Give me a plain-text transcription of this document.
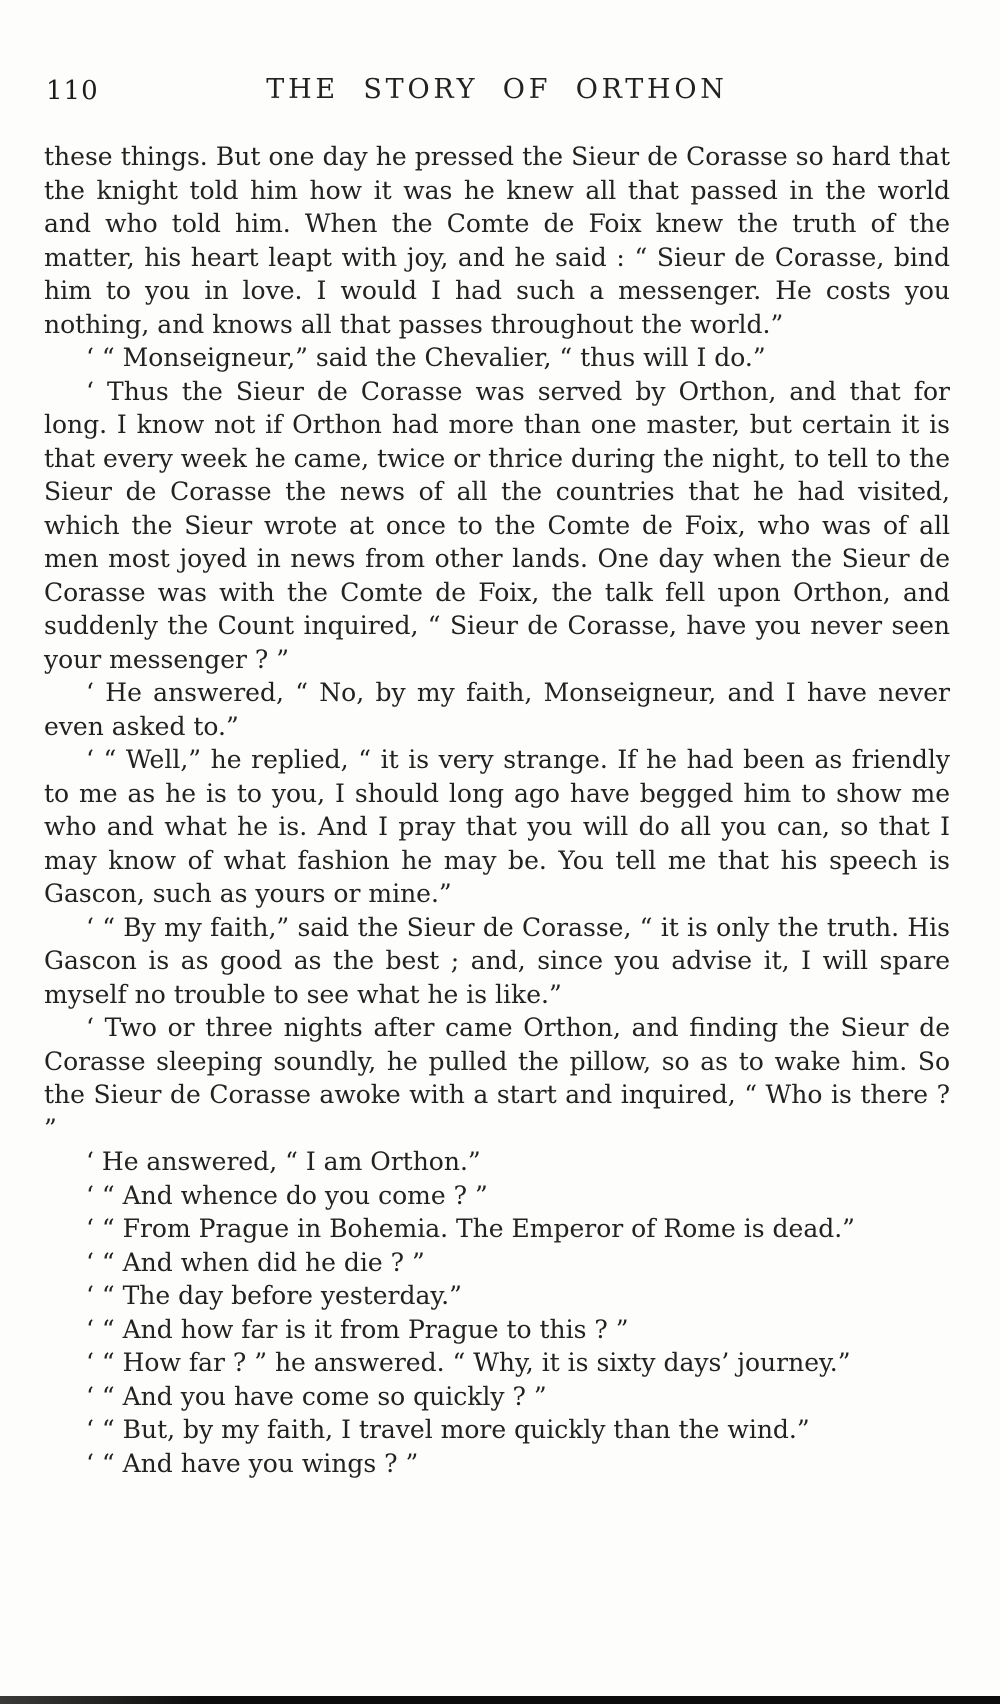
110	THE STORY OF ORTHON

these things. But one day he pressed the Sieur de Corasse so hard that the knight told him how it was he knew all that passed in the world and who told him. When the Comte de Foix knew the truth of the matter, his heart leapt with joy, and he said : “ Sieur de Corasse, bind him to you in love. I would I had such a messenger. He costs you nothing, and knows all that passes throughout the world.”

‘ “ Monseigneur,” said the Chevalier, “ thus will I do.”

‘ Thus the Sieur de Corasse was served by Orthon, and that for long. I know not if Orthon had more than one master, but certain it is that every week he came, twice or thrice during the night, to tell to the Sieur de Corasse the news of all the countries that he had visited, which the Sieur wrote at once to the Comte de Foix, who was of all men most joyed in news from other lands. One day when the Sieur de Corasse was with the Comte de Foix, the talk fell upon Orthon, and suddenly the Count inquired, “ Sieur de Corasse, have you never seen your messenger ? ”

‘ He answered, “ No, by my faith, Monseigneur, and I have never even asked to.”

‘ “ Well,” he replied, “ it is very strange. If he had been as friendly to me as he is to you, I should long ago have begged him to show me who and what he is. And I pray that you will do all you can, so that I may know of what fashion he may be. You tell me that his speech is Gascon, such as yours or mine.”

‘ “ By my faith,” said the Sieur de Corasse, “ it is only the truth. His Gascon is as good as the best ; and, since you advise it, I will spare myself no trouble to see what he is like.”

‘ Two or three nights after came Orthon, and finding the Sieur de Corasse sleeping soundly, he pulled the pillow, so as to wake him. So the Sieur de Corasse awoke with a start and inquired, “ Who is there ? ”

‘ He answered, “ I am Orthon.”

‘ “ And whence do you come ? ”

‘ “ From Prague in Bohemia. The Emperor of Rome is dead.”

‘ “ And when did he die ? ”

‘ “ The day before yesterday.”

‘ “ And how far is it from Prague to this ? ”

‘ “ How far ? ” he answered. “ Why, it is sixty days’ journey.”

‘ “ And you have come so quickly ? ”

‘ “ But, by my faith, I travel more quickly than the wind.”

‘ “ And have you wings ? ”
